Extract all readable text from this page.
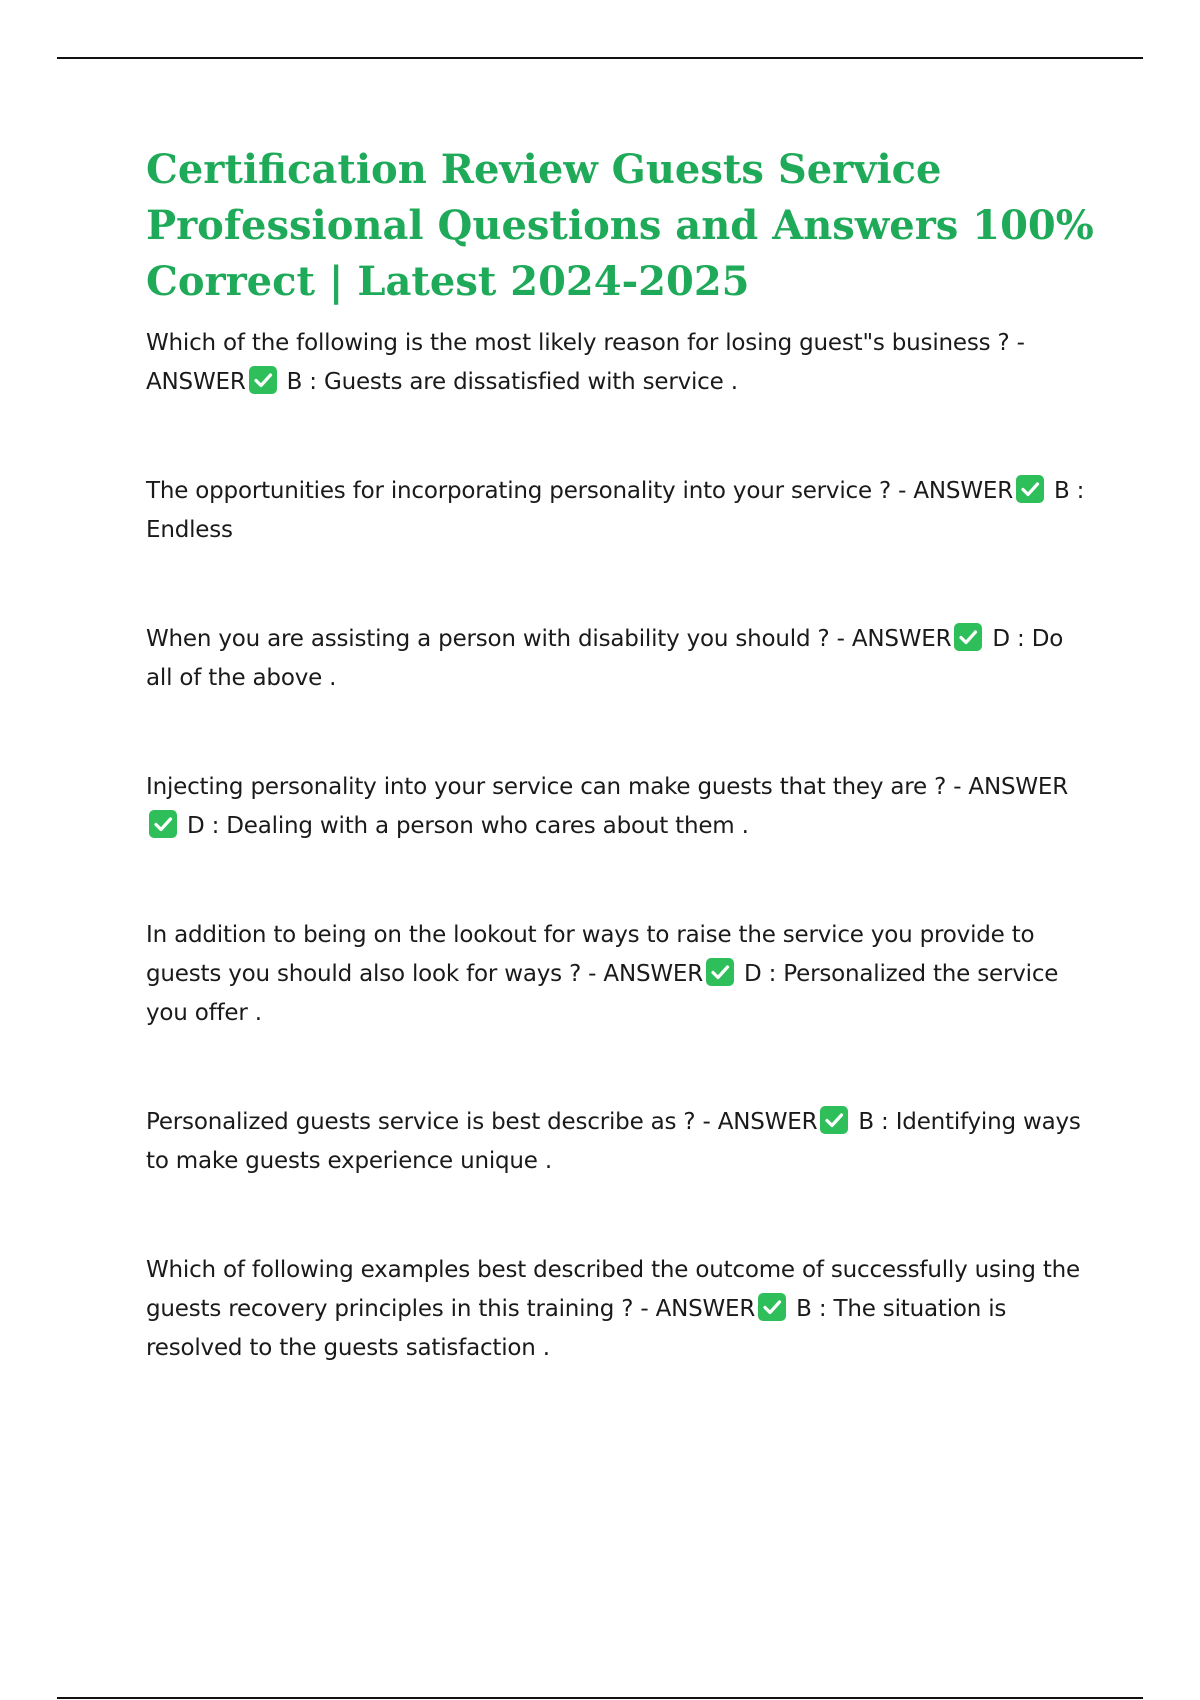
Certification Review Guests Service Professional Questions and Answers 100% Correct | Latest 2024-2025

Which of the following is the most likely reason for losing guest"s business ? - ANSWER B : Guests are dissatisfied with service .

The opportunities for incorporating personality into your service ? - ANSWER B : Endless

When you are assisting a person with disability you should ? - ANSWER D : Do all of the above .

Injecting personality into your service can make guests that they are ? - ANSWER
D : Dealing with a person who cares about them .

In addition to being on the lookout for ways to raise the service you provide to guests you should also look for ways ? - ANSWER D : Personalized the service you offer .

Personalized guests service is best describe as ? - ANSWER B : Identifying ways to make guests experience unique .

Which of following examples best described the outcome of successfully using the guests recovery principles in this training ? - ANSWER B : The situation is resolved to the guests satisfaction .
